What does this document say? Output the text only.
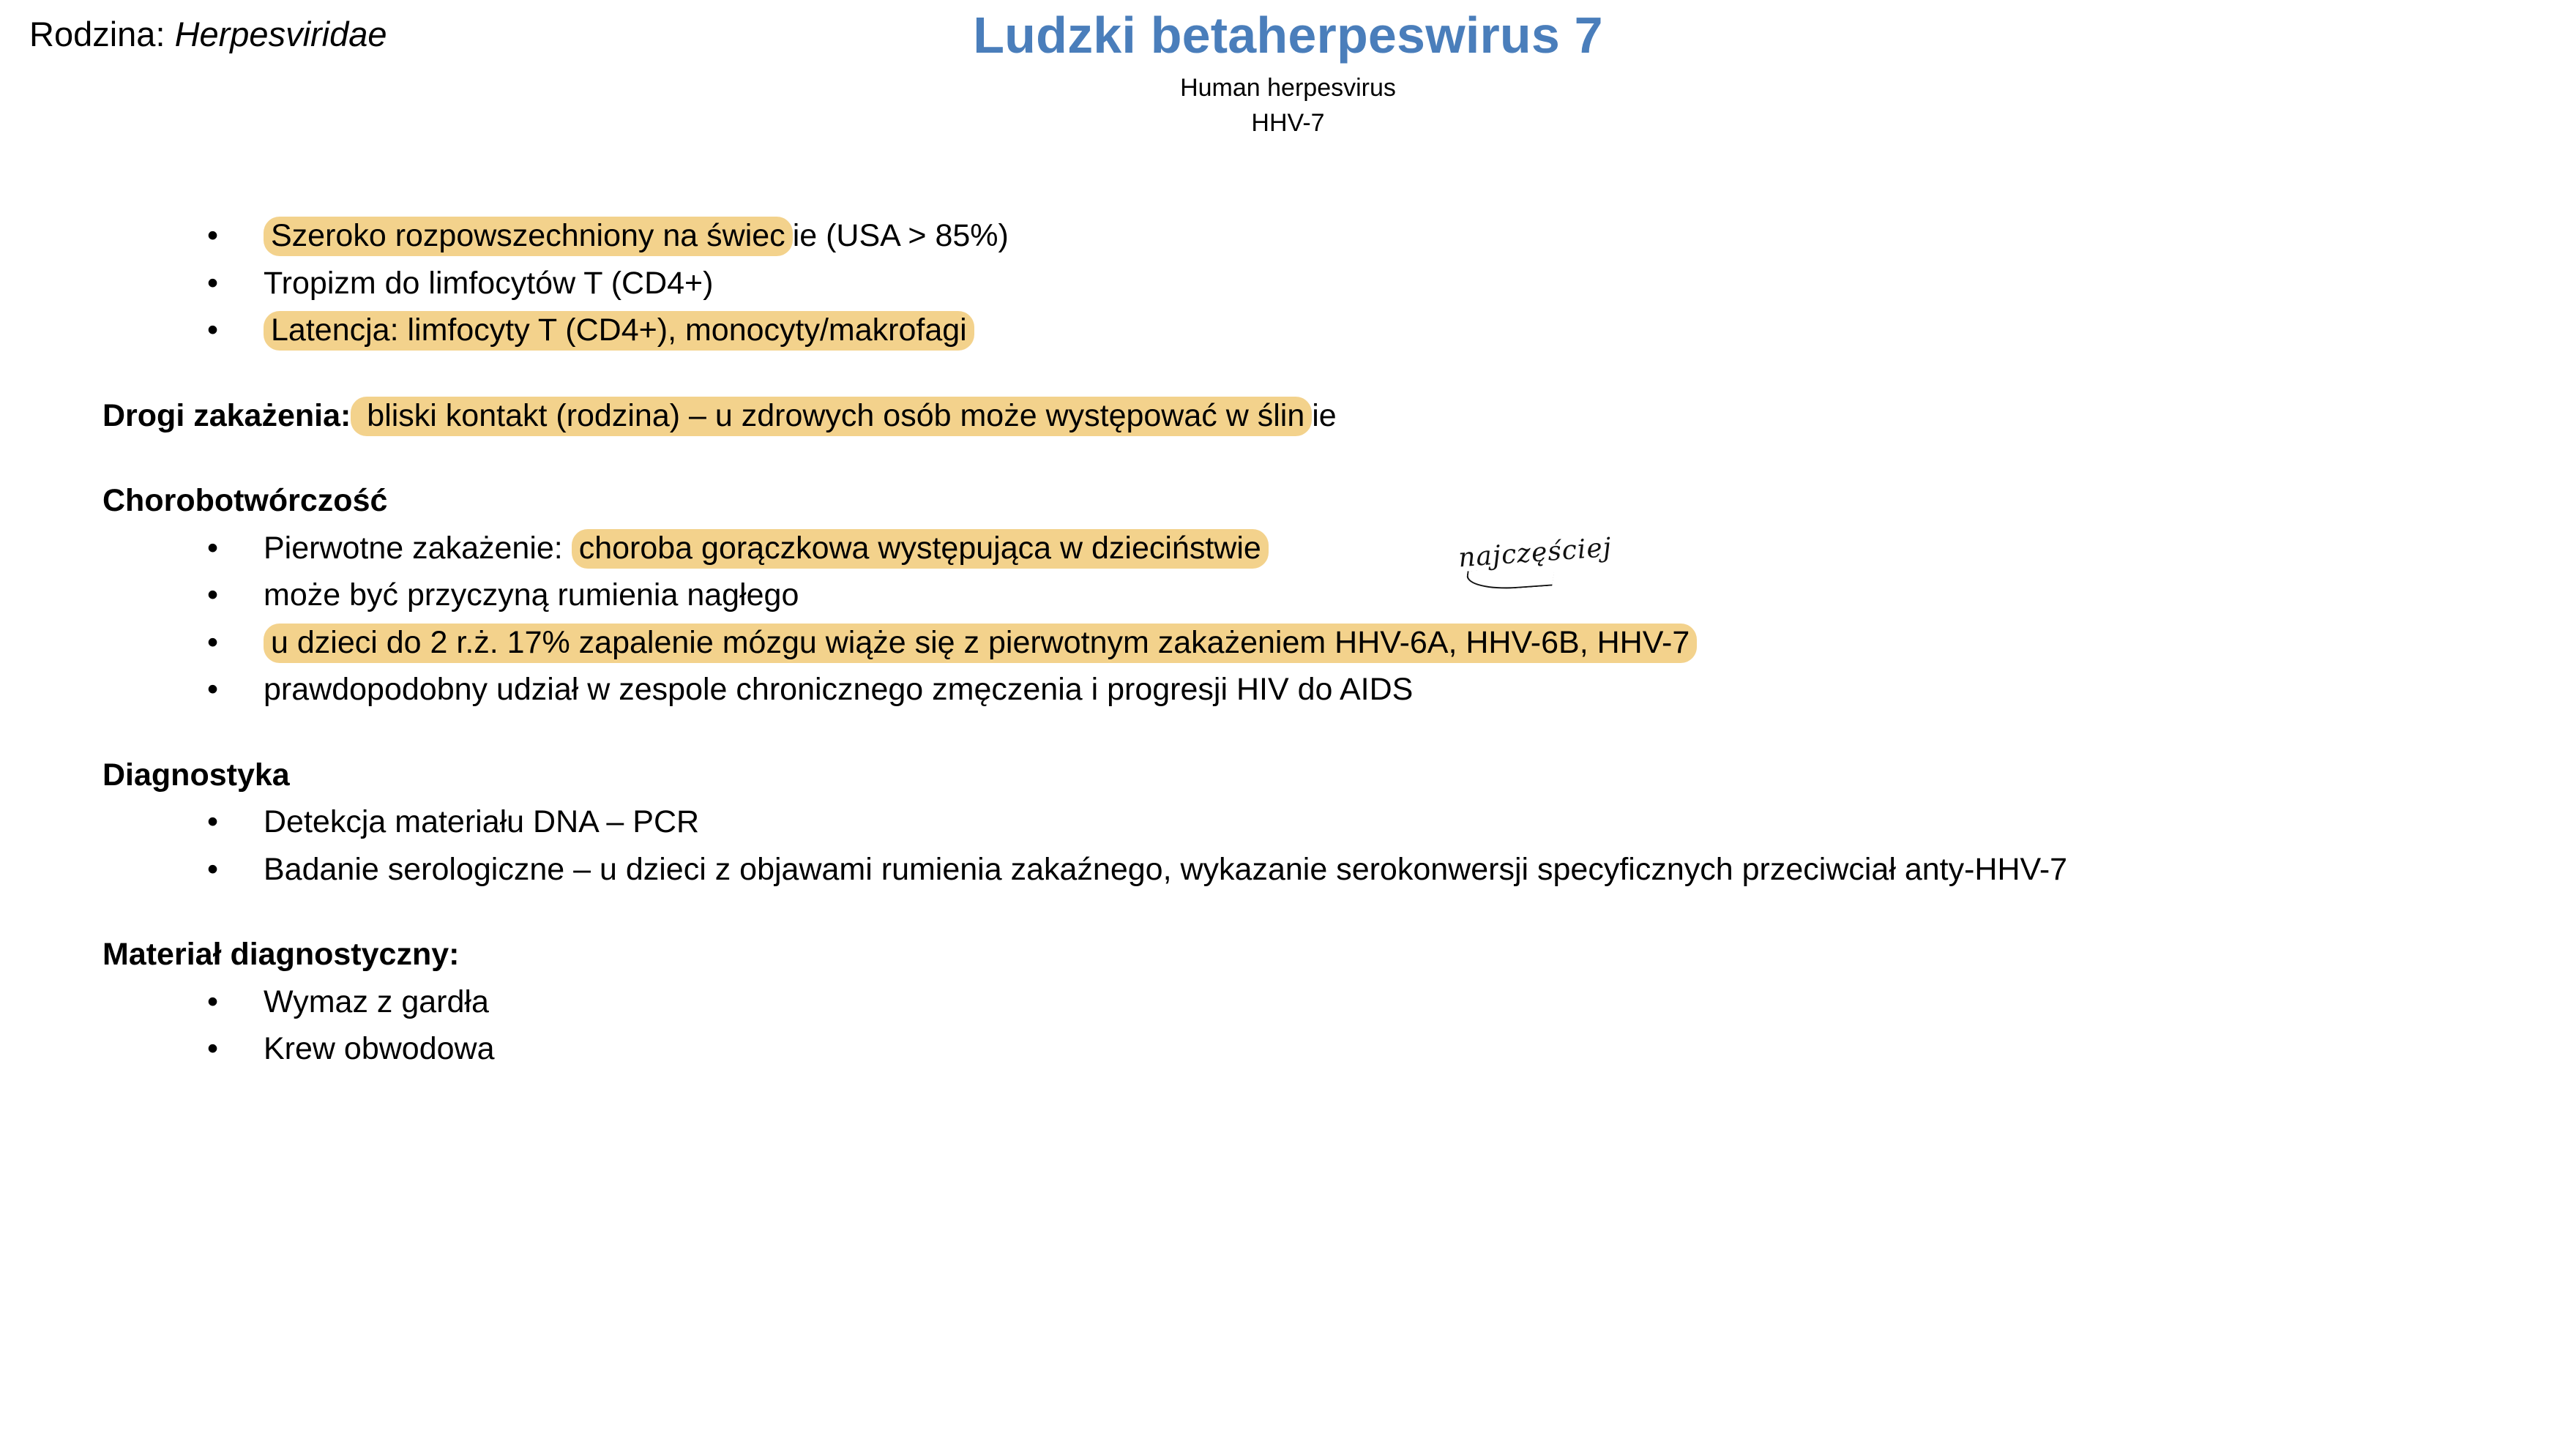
Rodzina: Herpesviridae	Ludzki betaherpeswirus 7
Human herpesvirus
HHV-7
• Szeroko rozpowszechniony na świec ie (USA > 85%)
• Tropizm do limfocytów T (CD4+)
• Latencja: limfocyty T (CD4+), monocyty/makrofagi
Drogi zakażenia: bliski kontakt (rodzina) – u zdrowych osób może występować w ślin ie
Chorobotwórczość
• Pierwotne zakażenie: choroba gorączkowa występująca w dzieciństwie
• może być przyczyną rumienia nagłego
• u dzieci do 2 r.ż. 17% zapalenie mózgu wiąże się z pierwotnym zakażeniem HHV-6A, HHV-6B, HHV-7
• prawdopodobny udział w zespole chronicznego zmęczenia i progresji HIV do AIDS
Diagnostyka
• Detekcja materiału DNA – PCR
• Badanie serologiczne – u dzieci z objawami rumienia zakaźnego, wykazanie serokonwersji specyficznych przeciwciał anty-HHV-7
Materiał diagnostyczny:
• Wymaz z gardła
• Krew obwodowa
najczęściej
